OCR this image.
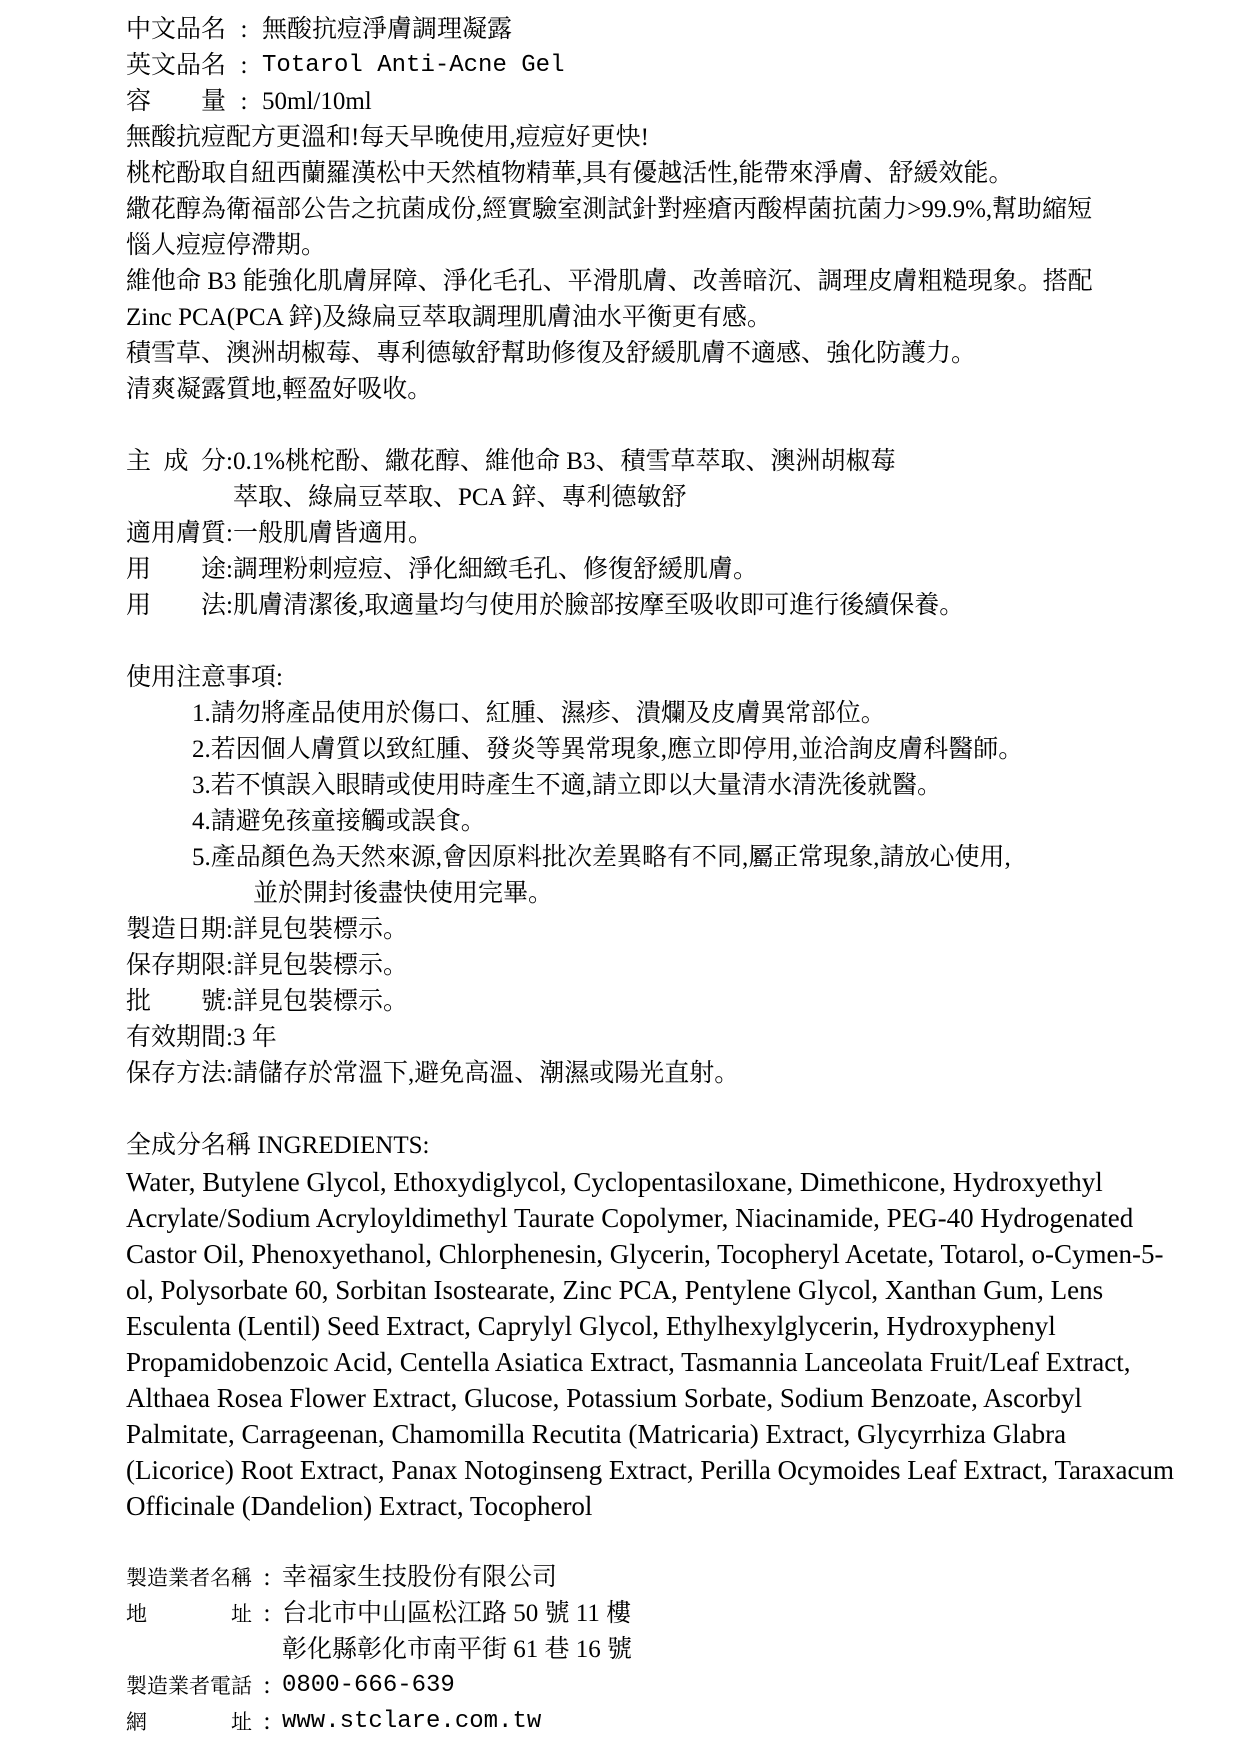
中文品名 : 無酸抗痘淨膚調理凝露
英文品名 : Totarol Anti-Acne Gel
容　　量 : 50ml/10ml
無酸抗痘配方更溫和!每天早晚使用,痘痘好更快!
桃柁酚取自紐西蘭羅漢松中天然植物精華,具有優越活性,能帶來淨膚、舒緩效能。
繖花醇為衛福部公告之抗菌成份,經實驗室測試針對痤瘡丙酸桿菌抗菌力>99.9%,幫助縮短
惱人痘痘停滯期。
維他命 B3 能強化肌膚屏障、淨化毛孔、平滑肌膚、改善暗沉、調理皮膚粗糙現象。搭配
Zinc PCA(PCA 鋅)及綠扁豆萃取調理肌膚油水平衡更有感。
積雪草、澳洲胡椒莓、專利德敏舒幫助修復及舒緩肌膚不適感、強化防護力。
清爽凝露質地,輕盈好吸收。
主 成 分 : 0.1%桃柁酚、繖花醇、維他命 B3、積雪草萃取、澳洲胡椒莓
萃取、綠扁豆萃取、PCA 鋅、專利德敏舒
適用膚質 : 一般肌膚皆適用。
用　　途 : 調理粉刺痘痘、淨化細緻毛孔、修復舒緩肌膚。
用　　法 : 肌膚清潔後,取適量均勻使用於臉部按摩至吸收即可進行後續保養。
使用注意事項:
1.請勿將產品使用於傷口、紅腫、濕疹、潰爛及皮膚異常部位。
2.若因個人膚質以致紅腫、發炎等異常現象,應立即停用,並洽詢皮膚科醫師。
3.若不慎誤入眼睛或使用時產生不適,請立即以大量清水清洗後就醫。
4.請避免孩童接觸或誤食。
5.產品顏色為天然來源,會因原料批次差異略有不同,屬正常現象,請放心使用,
並於開封後盡快使用完畢。
製造日期 : 詳見包裝標示。
保存期限 : 詳見包裝標示。
批　　號 : 詳見包裝標示。
有效期間 : 3 年
保存方法 : 請儲存於常溫下,避免高溫、潮濕或陽光直射。
全成分名稱 INGREDIENTS:
Water, Butylene Glycol, Ethoxydiglycol, Cyclopentasiloxane, Dimethicone, Hydroxyethyl
Acrylate/Sodium Acryloyldimethyl Taurate Copolymer, Niacinamide, PEG-40 Hydrogenated
Castor Oil, Phenoxyethanol, Chlorphenesin, Glycerin, Tocopheryl Acetate, Totarol, o-Cymen-5-
ol, Polysorbate 60, Sorbitan Isostearate, Zinc PCA, Pentylene Glycol, Xanthan Gum, Lens
Esculenta (Lentil) Seed Extract, Caprylyl Glycol, Ethylhexylglycerin, Hydroxyphenyl
Propamidobenzoic Acid, Centella Asiatica Extract, Tasmannia Lanceolata Fruit/Leaf Extract,
Althaea Rosea Flower Extract, Glucose, Potassium Sorbate, Sodium Benzoate, Ascorbyl
Palmitate, Carrageenan, Chamomilla Recutita (Matricaria) Extract, Glycyrrhiza Glabra
(Licorice) Root Extract, Panax Notoginseng Extract, Perilla Ocymoides Leaf Extract, Taraxacum
Officinale (Dandelion) Extract, Tocopherol
製造業者名稱 : 幸福家生技股份有限公司
地　　　　址 : 台北市中山區松江路 50 號 11 樓
彰化縣彰化市南平街 61 巷 16 號
製造業者電話 : 0800-666-639
網　　　　址 : www.stclare.com.tw
